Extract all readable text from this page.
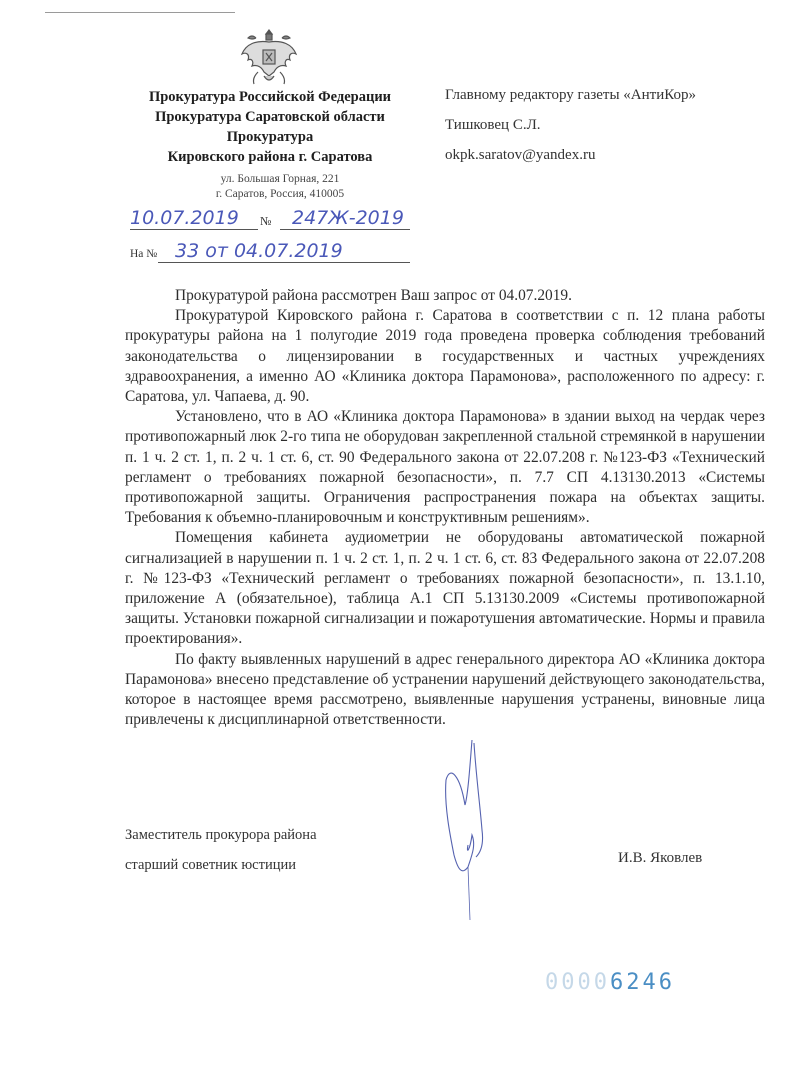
Прокуратура Российской Федерации
Прокуратура Саратовской области
Прокуратура
Кировского района г. Саратова
ул. Большая Горная, 221
г. Саратов, Россия, 410005
10.07.2019 № 247Ж-2019
На № 33 от 04.07.2019
Главному редактору газеты «АнтиКор»
Тишковец С.Л.
okpk.saratov@yandex.ru

Прокуратурой района рассмотрен Ваш запрос от 04.07.2019.

Прокуратурой Кировского района г. Саратова в соответствии с п. 12 плана работы прокуратуры района на 1 полугодие 2019 года проведена проверка соблюдения требований законодательства о лицензировании в государственных и частных учреждениях здравоохранения, а именно АО «Клиника доктора Парамонова», расположенного по адресу: г. Саратова, ул. Чапаева, д. 90.

Установлено, что в АО «Клиника доктора Парамонова» в здании выход на чердак через противопожарный люк 2-го типа не оборудован закрепленной стальной стремянкой в нарушении п. 1 ч. 2 ст. 1, п. 2 ч. 1 ст. 6, ст. 90 Федерального закона от 22.07.208 г. №123-ФЗ «Технический регламент о требованиях пожарной безопасности», п. 7.7 СП 4.13130.2013 «Системы противопожарной защиты. Ограничения распространения пожара на объектах защиты. Требования к объемно-планировочным и конструктивным решениям».

Помещения кабинета аудиометрии не оборудованы автоматической пожарной сигнализацией в нарушении п. 1 ч. 2 ст. 1, п. 2 ч. 1 ст. 6, ст. 83 Федерального закона от 22.07.208 г. №123-ФЗ «Технический регламент о требованиях пожарной безопасности», п. 13.1.10, приложение А (обязательное), таблица А.1 СП 5.13130.2009 «Системы противопожарной защиты. Установки пожарной сигнализации и пожаротушения автоматические. Нормы и правила проектирования».

По факту выявленных нарушений в адрес генерального директора АО «Клиника доктора Парамонова» внесено представление об устранении нарушений действующего законодательства, которое в настоящее время рассмотрено, выявленные нарушения устранены, виновные лица привлечены к дисциплинарной ответственности.

Заместитель прокурора района
старший советник юстиции	И.В. Яковлев
00006246
